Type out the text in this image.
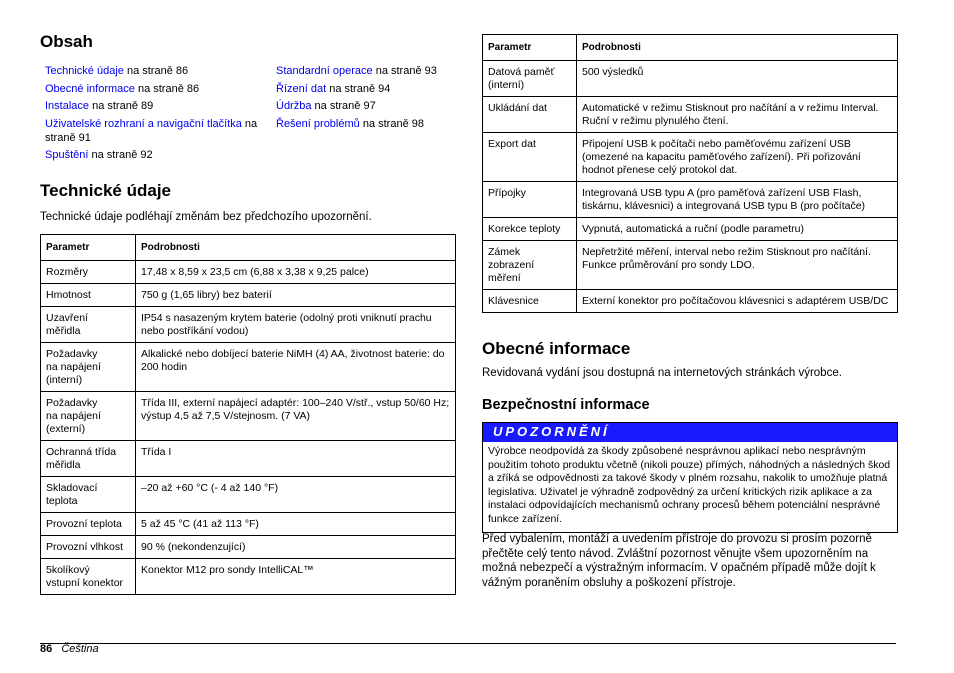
Obsah
Technické údaje na straně 86
Obecné informace na straně 86
Instalace na straně 89
Uživatelské rozhraní a navigační tlačítka na straně 91
Spuštění na straně 92
Standardní operace na straně 93
Řízení dat na straně 94
Údržba na straně 97
Řešení problémů na straně 98
Technické údaje
Technické údaje podléhají změnám bez předchozího upozornění.
Parametr	Podrobnosti
Rozměry	17,48 x 8,59 x 23,5 cm (6,88 x 3,38 x 9,25 palce)
Hmotnost	750 g (1,65 libry) bez baterií
Uzavření
měřidla	IP54 s nasazeným krytem baterie (odolný proti vniknutí prachu nebo postříkání vodou)
Požadavky
na napájení
(interní)	Alkalické nebo dobíjecí baterie NiMH (4) AA, životnost baterie: do 200 hodin
Požadavky
na napájení
(externí)	Třída III, externí napájecí adaptér: 100–240 V/stř., vstup 50/60 Hz; výstup 4,5 až 7,5 V/stejnosm. (7 VA)
Ochranná třída
měřidla	Třída I
Skladovací
teplota	–20 až +60 °C (- 4 až 140 °F)
Provozní teplota	5 až 45 °C (41 až 113 °F)
Provozní vlhkost	90 % (nekondenzující)
5kolíkový
vstupní konektor	Konektor M12 pro sondy IntelliCAL™
Parametr	Podrobnosti
Datová paměť
(interní)	500 výsledků
Ukládání dat	Automatické v režimu Stisknout pro načítání a v režimu Interval. Ruční v režimu plynulého čtení.
Export dat	Připojení USB k počítači nebo paměťovému zařízení USB (omezené na kapacitu paměťového zařízení). Při pořizování hodnot přenese celý protokol dat.
Přípojky	Integrovaná USB typu A (pro paměťová zařízení USB Flash, tiskárnu, klávesnici) a integrovaná USB typu B (pro počítače)
Korekce teploty	Vypnutá, automatická a ruční (podle parametru)
Zámek
zobrazení
měření	Nepřetržité měření, interval nebo režim Stisknout pro načítání. Funkce průměrování pro sondy LDO.
Klávesnice	Externí konektor pro počítačovou klávesnici s adaptérem USB/DC
Obecné informace
Revidovaná vydání jsou dostupná na internetových stránkách výrobce.
Bezpečnostní informace
UPOZORNĚNÍ
Výrobce neodpovídá za škody způsobené nesprávnou aplikací nebo nesprávným použitím tohoto produktu včetně (nikoli pouze) přímých, náhodných a následných škod a zříká se odpovědnosti za takové škody v plném rozsahu, nakolik to umožňuje platná legislativa. Uživatel je výhradně zodpovědný za určení kritických rizik aplikace a za instalaci odpovídajících mechanismů ochrany procesů během potenciální nesprávné funkce zařízení.
Před vybalením, montáží a uvedením přístroje do provozu si prosím pozorně přečtěte celý tento návod. Zvláštní pozornost věnujte všem upozorněním na možná nebezpečí a výstražným informacím. V opačném případě může dojít k vážným poraněním obsluhy a poškození přístroje.
86 Čeština
